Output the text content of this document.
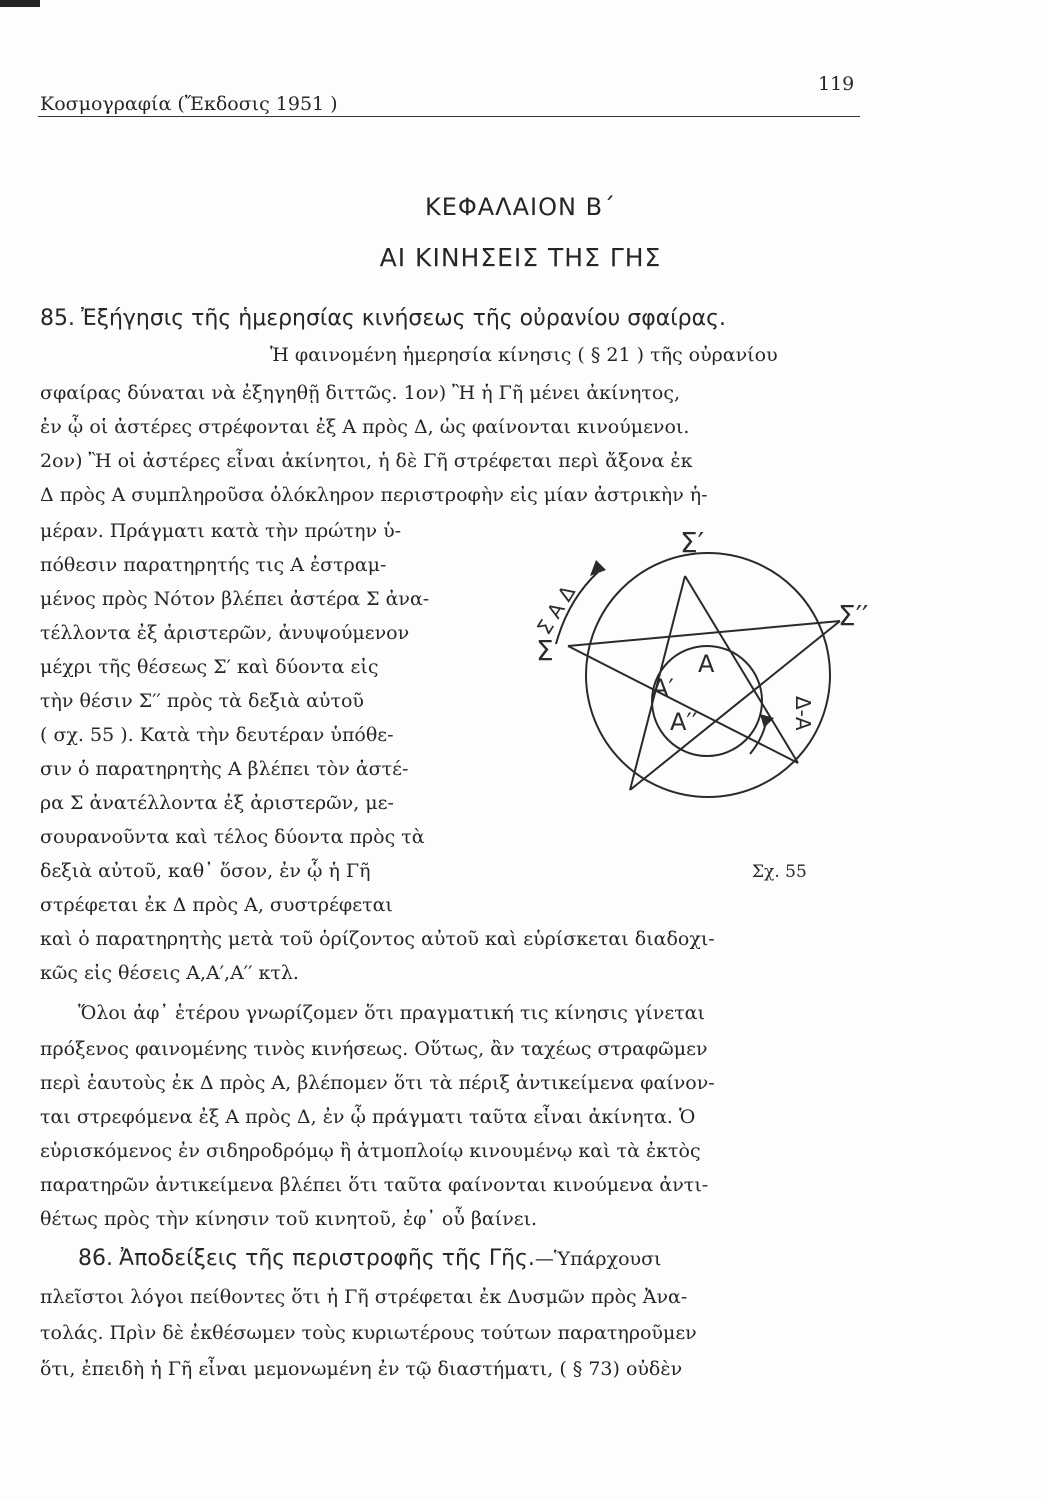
Κοσμογραφία (Ἔκδοσις 1951 )
119
ΚΕΦΑΛΑΙΟΝ Β΄
ΑΙ ΚΙΝΗΣΕΙΣ ΤΗΣ ΓΗΣ
85. Ἐξήγησις τῆς ἡμερησίας κινήσεως τῆς οὐρανίου σφαίρας.
Ἡ φαινομένη ἡμερησία κίνησις ( § 21 ) τῆς οὐρανίου
σφαίρας δύναται νὰ ἐξηγηθῇ διττῶς. 1ον) Ἢ ἡ Γῆ μένει ἀκίνητος,
ἐν ᾧ οἱ ἀστέρες στρέφονται ἐξ Α πρὸς Δ, ὡς φαίνονται κινούμενοι.
2ον) Ἢ οἱ ἀστέρες εἶναι ἀκίνητοι, ἡ δὲ Γῆ στρέφεται περὶ ἄξονα ἐκ
Δ πρὸς Α συμπληροῦσα ὁλόκληρον περιστροφὴν εἰς μίαν ἀστρικὴν ἡ-
μέραν. Πράγματι κατὰ τὴν πρώτην ὑ-
πόθεσιν παρατηρητής τις Α ἐστραμ-
μένος πρὸς Νότον βλέπει ἀστέρα Σ ἀνα-
τέλλοντα ἐξ ἀριστερῶν, ἀνυψούμενον
μέχρι τῆς θέσεως Σ′ καὶ δύοντα εἰς
τὴν θέσιν Σ′′ πρὸς τὰ δεξιὰ αὐτοῦ
( σχ. 55 ). Κατὰ τὴν δευτέραν ὑπόθε-
σιν ὁ παρατηρητὴς Α βλέπει τὸν ἀστέ-
ρα Σ ἀνατέλλοντα ἐξ ἀριστερῶν, με-
σουρανοῦντα καὶ τέλος δύοντα πρὸς τὰ
δεξιὰ αὐτοῦ, καθ᾽ ὅσον, ἐν ᾧ ἡ Γῆ
στρέφεται ἐκ Δ πρὸς Α, συστρέφεται
καὶ ὁ παρατηρητὴς μετὰ τοῦ ὁρίζοντος αὐτοῦ καὶ εὑρίσκεται διαδοχι-
κῶς εἰς θέσεις Α,Α′,Α′′ κτλ.
Ὅλοι ἀφ᾽ ἑτέρου γνωρίζομεν ὅτι πραγματική τις κίνησις γίνεται
πρόξενος φαινομένης τινὸς κινήσεως. Οὕτως, ἂν ταχέως στραφῶμεν
περὶ ἑαυτοὺς ἐκ Δ πρὸς Α, βλέπομεν ὅτι τὰ πέριξ ἀντικείμενα φαίνον-
ται στρεφόμενα ἐξ Α πρὸς Δ, ἐν ᾧ πράγματι ταῦτα εἶναι ἀκίνητα. Ὁ
εὑρισκόμενος ἐν σιδηροδρόμῳ ἢ ἀτμοπλοίῳ κινουμένῳ καὶ τὰ ἐκτὸς
παρατηρῶν ἀντικείμενα βλέπει ὅτι ταῦτα φαίνονται κινούμενα ἀντι-
θέτως πρὸς τὴν κίνησιν τοῦ κινητοῦ, ἐφ᾽ οὗ βαίνει.
86. Ἀποδείξεις τῆς περιστροφῆς τῆς Γῆς.—Ὑπάρχουσι
πλεῖστοι λόγοι πείθοντες ὅτι ἡ Γῆ στρέφεται ἐκ Δυσμῶν πρὸς Ἀνα-
τολάς. Πρὶν δὲ ἐκθέσωμεν τοὺς κυριωτέρους τούτων παρατηροῦμεν
ὅτι, ἐπειδὴ ἡ Γῆ εἶναι μεμονωμένη ἐν τῷ διαστήματι, ( § 73) οὐδὲν
Σ′
Σ′′
Σ
Σ Α Δ
Δ-Α
Α
Α′
Α′′
Σχ. 55
